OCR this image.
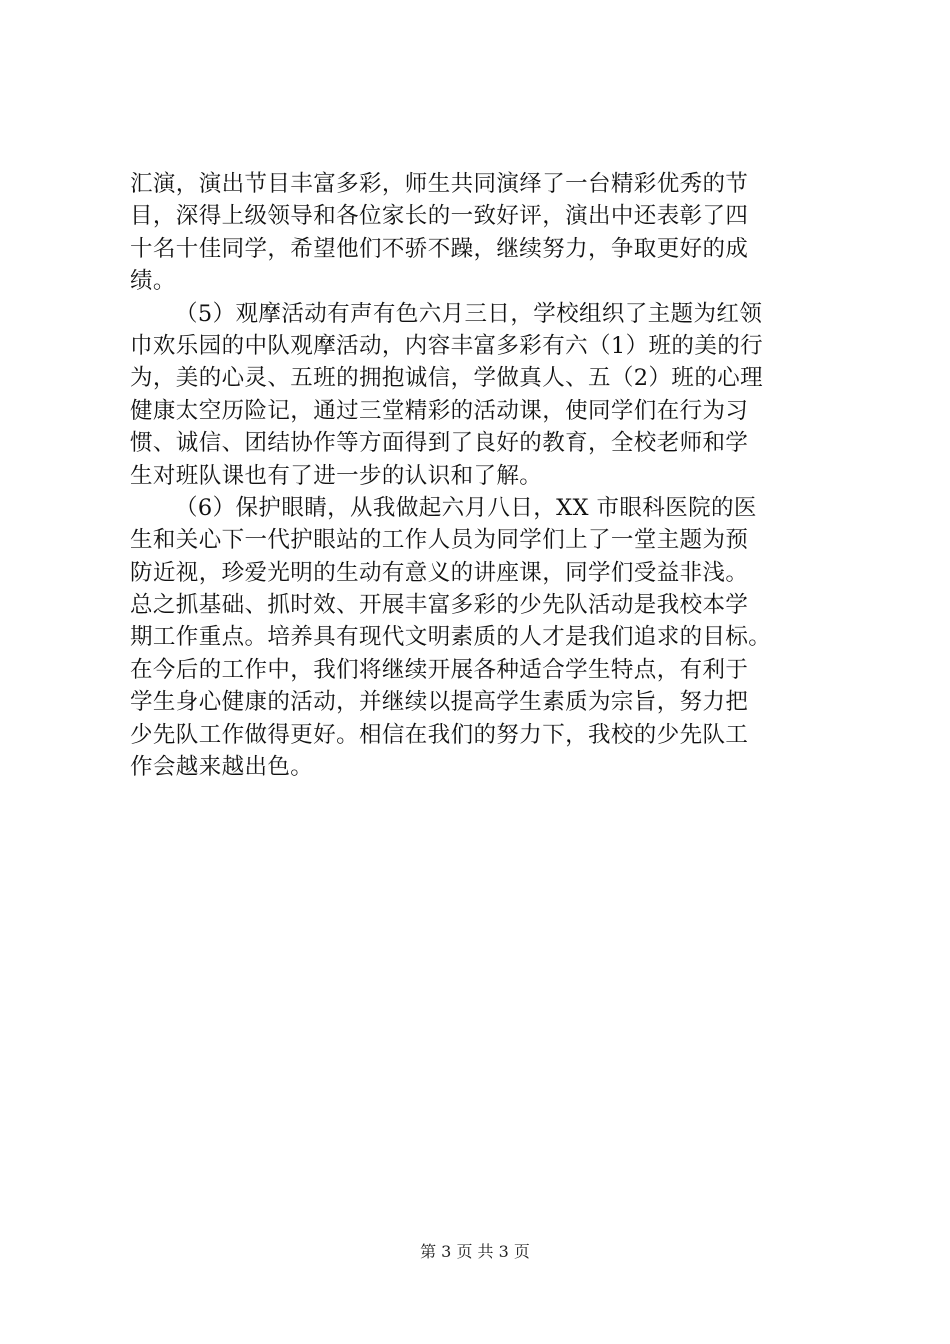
汇演，演出节目丰富多彩，师生共同演绎了一台精彩优秀的节
目，深得上级领导和各位家长的一致好评，演出中还表彰了四
十名十佳同学，希望他们不骄不躁，继续努力，争取更好的成
绩。
（5）观摩活动有声有色六月三日，学校组织了主题为红领
巾欢乐园的中队观摩活动，内容丰富多彩有六（1）班的美的行
为，美的心灵、五班的拥抱诚信，学做真人、五（2）班的心理
健康太空历险记，通过三堂精彩的活动课，使同学们在行为习
惯、诚信、团结协作等方面得到了良好的教育，全校老师和学
生对班队课也有了进一步的认识和了解。
（6）保护眼睛，从我做起六月八日，XX 市眼科医院的医
生和关心下一代护眼站的工作人员为同学们上了一堂主题为预
防近视，珍爱光明的生动有意义的讲座课，同学们受益非浅。
总之抓基础、抓时效、开展丰富多彩的少先队活动是我校本学
期工作重点。培养具有现代文明素质的人才是我们追求的目标。
在今后的工作中，我们将继续开展各种适合学生特点，有利于
学生身心健康的活动，并继续以提高学生素质为宗旨，努力把
少先队工作做得更好。相信在我们的努力下，我校的少先队工
作会越来越出色。
第 3 页 共 3 页
